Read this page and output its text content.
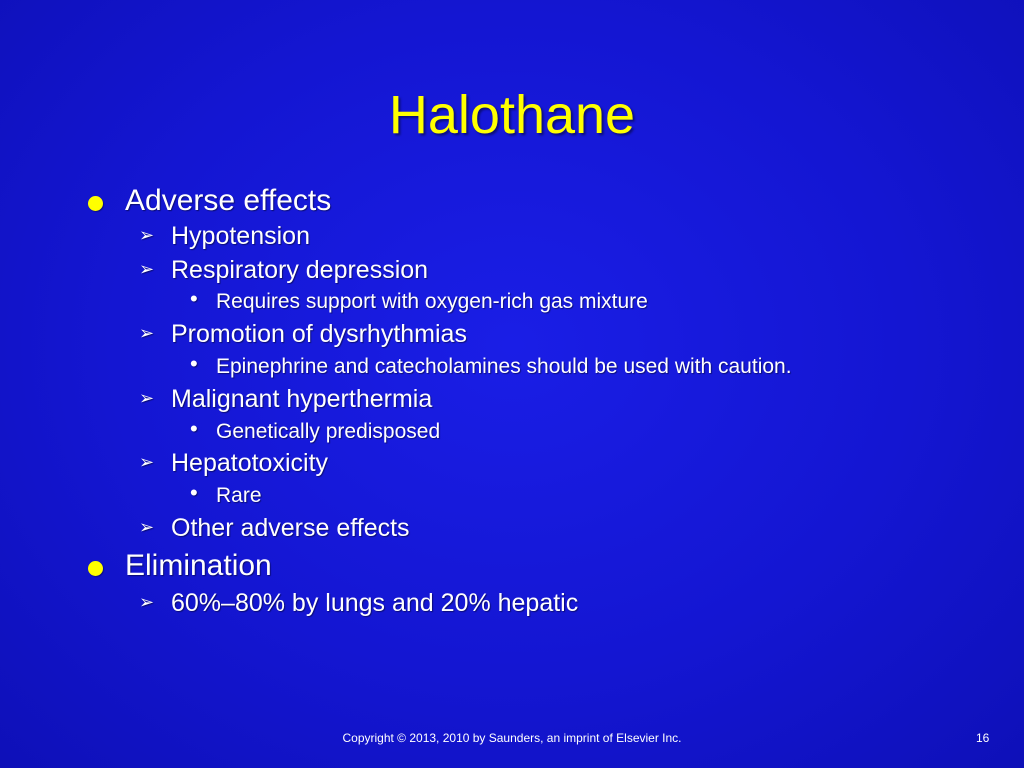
Halothane
Adverse effects
➢ Hypotension
➢ Respiratory depression
• Requires support with oxygen-rich gas mixture
➢ Promotion of dysrhythmias
• Epinephrine and catecholamines should be used with caution.
➢ Malignant hyperthermia
• Genetically predisposed
➢ Hepatotoxicity
• Rare
➢ Other adverse effects
Elimination
➢ 60%–80% by lungs and 20% hepatic
Copyright © 2013, 2010 by Saunders, an imprint of Elsevier Inc.	16
